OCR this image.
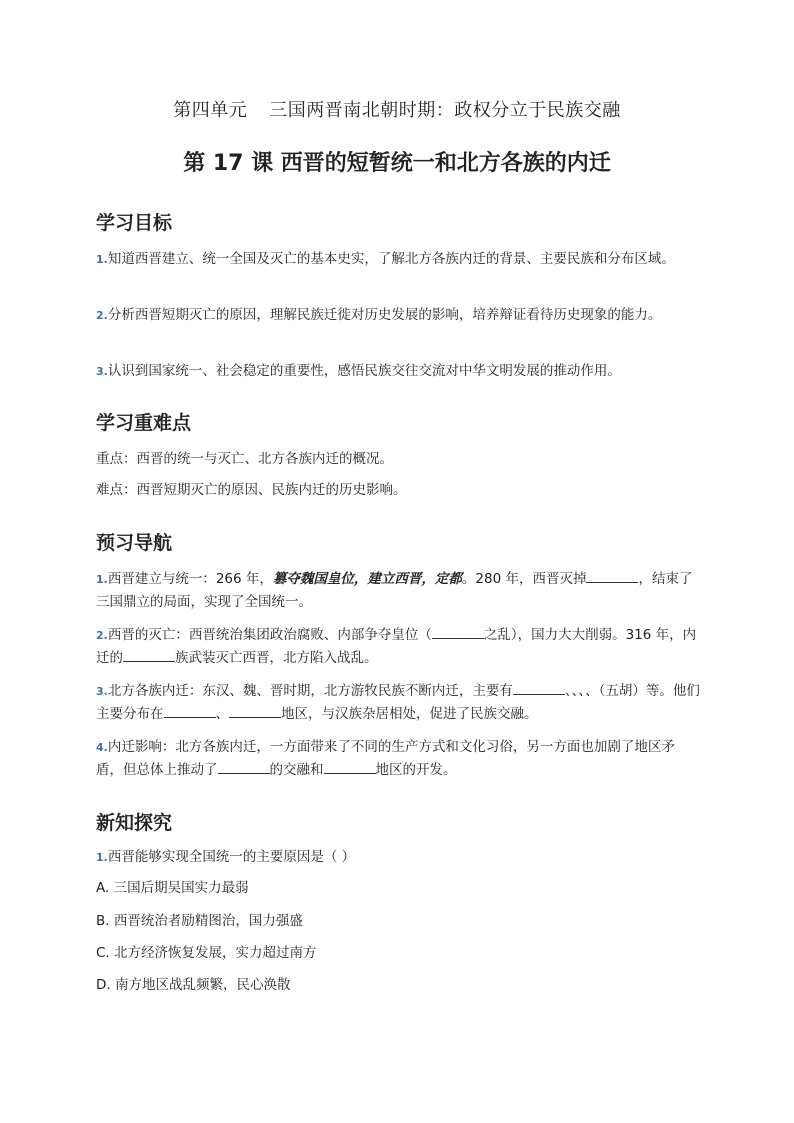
第四单元 三国两晋南北朝时期：政权分立于民族交融
第 17 课 西晋的短暂统一和北方各族的内迁
学习目标
1.知道西晋建立、统一全国及灭亡的基本史实，了解北方各族内迁的背景、主要民族和分布区域。
2.分析西晋短期灭亡的原因，理解民族迁徙对历史发展的影响，培养辩证看待历史现象的能力。
3.认识到国家统一、社会稳定的重要性，感悟民族交往交流对中华文明发展的推动作用。
学习重难点
重点：西晋的统一与灭亡、北方各族内迁的概况。
难点：西晋短期灭亡的原因、民族内迁的历史影响。
预习导航
1.西晋建立与统一：266 年，篡夺魏国皇位，建立西晋，定都。280 年，西晋灭掉	，结束了三国鼎立的局面，实现了全国统一。
2.西晋的灭亡：西晋统治集团政治腐败、内部争夺皇位（	之乱），国力大大削弱。316 年，内迁的	族武装灭亡西晋，北方陷入战乱。
3.北方各族内迁：东汉、魏、晋时期，北方游牧民族不断内迁，主要有	、、、、（五胡）等。他们主要分布在	、	地区，与汉族杂居相处，促进了民族交融。
4.内迁影响：北方各族内迁，一方面带来了不同的生产方式和文化习俗，另一方面也加剧了地区矛盾，但总体上推动了	的交融和	地区的开发。
新知探究
1.西晋能够实现全国统一的主要原因是（ ）
A. 三国后期吴国实力最弱
B. 西晋统治者励精图治，国力强盛
C. 北方经济恢复发展，实力超过南方
D. 南方地区战乱频繁，民心涣散
